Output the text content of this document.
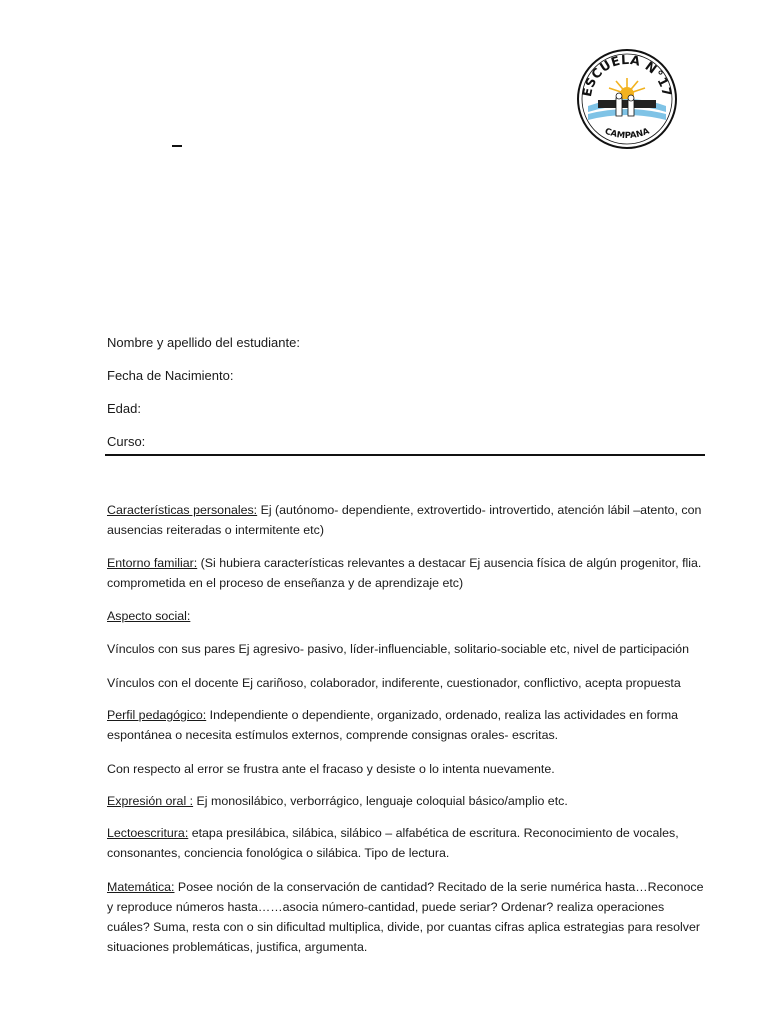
ESCUELA N°17
CAMPANA
Nombre y apellido del estudiante:
Fecha de Nacimiento:
Edad:
Curso:

Características personales: Ej (autónomo- dependiente, extrovertido- introvertido, atención lábil –atento, con ausencias reiteradas o intermitente etc)

Entorno familiar: (Si hubiera características relevantes a destacar Ej ausencia física de algún progenitor, flia. comprometida en el proceso de enseñanza y de aprendizaje etc)

Aspecto social:

Vínculos con sus pares Ej agresivo- pasivo, líder-influenciable, solitario-sociable etc, nivel de participación

Vínculos con el docente Ej cariñoso, colaborador, indiferente, cuestionador, conflictivo, acepta propuesta

Perfil pedagógico: Independiente o dependiente, organizado, ordenado, realiza las actividades en forma espontánea o necesita estímulos externos, comprende consignas orales- escritas.

Con respecto al error se frustra ante el fracaso y desiste o lo intenta nuevamente.

Expresión oral : Ej monosilábico, verborrágico, lenguaje coloquial básico/amplio etc.

Lectoescritura: etapa presilábica, silábica, silábico – alfabética de escritura. Reconocimiento de vocales, consonantes, conciencia fonológica o silábica. Tipo de lectura.

Matemática: Posee noción de la conservación de cantidad? Recitado de la serie numérica hasta…Reconoce y reproduce números hasta……asocia número-cantidad, puede seriar? Ordenar? realiza operaciones cuáles? Suma, resta con o sin dificultad multiplica, divide, por cuantas cifras aplica estrategias para resolver situaciones problemáticas, justifica, argumenta.
